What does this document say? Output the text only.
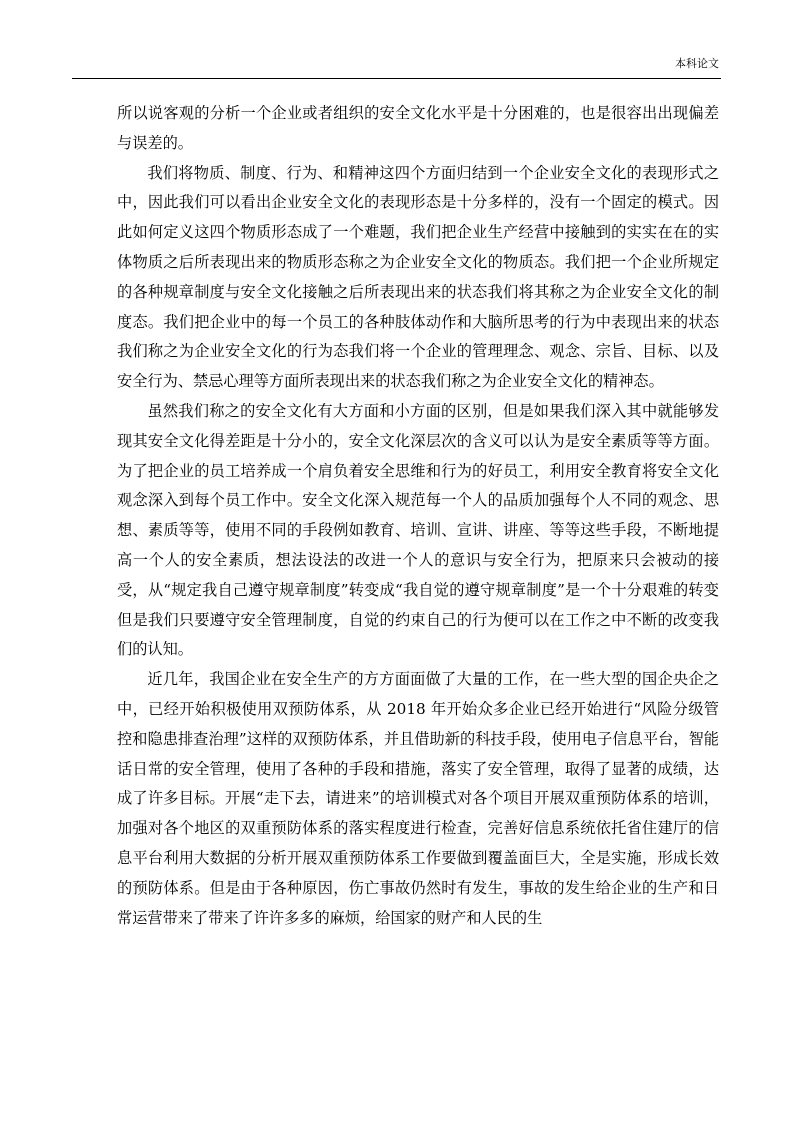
本科论文

所以说客观的分析一个企业或者组织的安全文化水平是十分困难的，也是很容出出现偏差与误差的。

我们将物质、制度、行为、和精神这四个方面归结到一个企业安全文化的表现形式之中，因此我们可以看出企业安全文化的表现形态是十分多样的，没有一个固定的模式。因此如何定义这四个物质形态成了一个难题，我们把企业生产经营中接触到的实实在在的实体物质之后所表现出来的物质形态称之为企业安全文化的物质态。我们把一个企业所规定的各种规章制度与安全文化接触之后所表现出来的状态我们将其称之为企业安全文化的制度态。我们把企业中的每一个员工的各种肢体动作和大脑所思考的行为中表现出来的状态我们称之为企业安全文化的行为态我们将一个企业的管理理念、观念、宗旨、目标、以及安全行为、禁忌心理等方面所表现出来的状态我们称之为企业安全文化的精神态。

虽然我们称之的安全文化有大方面和小方面的区别，但是如果我们深入其中就能够发现其安全文化得差距是十分小的，安全文化深层次的含义可以认为是安全素质等等方面。为了把企业的员工培养成一个肩负着安全思维和行为的好员工，利用安全教育将安全文化观念深入到每个员工作中。安全文化深入规范每一个人的品质加强每个人不同的观念、思想、素质等等，使用不同的手段例如教育、培训、宣讲、讲座、等等这些手段，不断地提高一个人的安全素质，想法设法的改进一个人的意识与安全行为，把原来只会被动的接受，从“规定我自己遵守规章制度”转变成“我自觉的遵守规章制度”是一个十分艰难的转变但是我们只要遵守安全管理制度，自觉的约束自己的行为便可以在工作之中不断的改变我们的认知。

近几年，我国企业在安全生产的方方面面做了大量的工作，在一些大型的国企央企之中，已经开始积极使用双预防体系，从 2018 年开始众多企业已经开始进行“风险分级管控和隐患排查治理”这样的双预防体系，并且借助新的科技手段，使用电子信息平台，智能话日常的安全管理，使用了各种的手段和措施，落实了安全管理，取得了显著的成绩，达成了许多目标。开展“走下去，请进来”的培训模式对各个项目开展双重预防体系的培训，加强对各个地区的双重预防体系的落实程度进行检查，完善好信息系统依托省住建厅的信息平台利用大数据的分析开展双重预防体系工作要做到覆盖面巨大，全是实施，形成长效的预防体系。但是由于各种原因，伤亡事故仍然时有发生，事故的发生给企业的生产和日常运营带来了带来了许许多多的麻烦，给国家的财产和人民的生
